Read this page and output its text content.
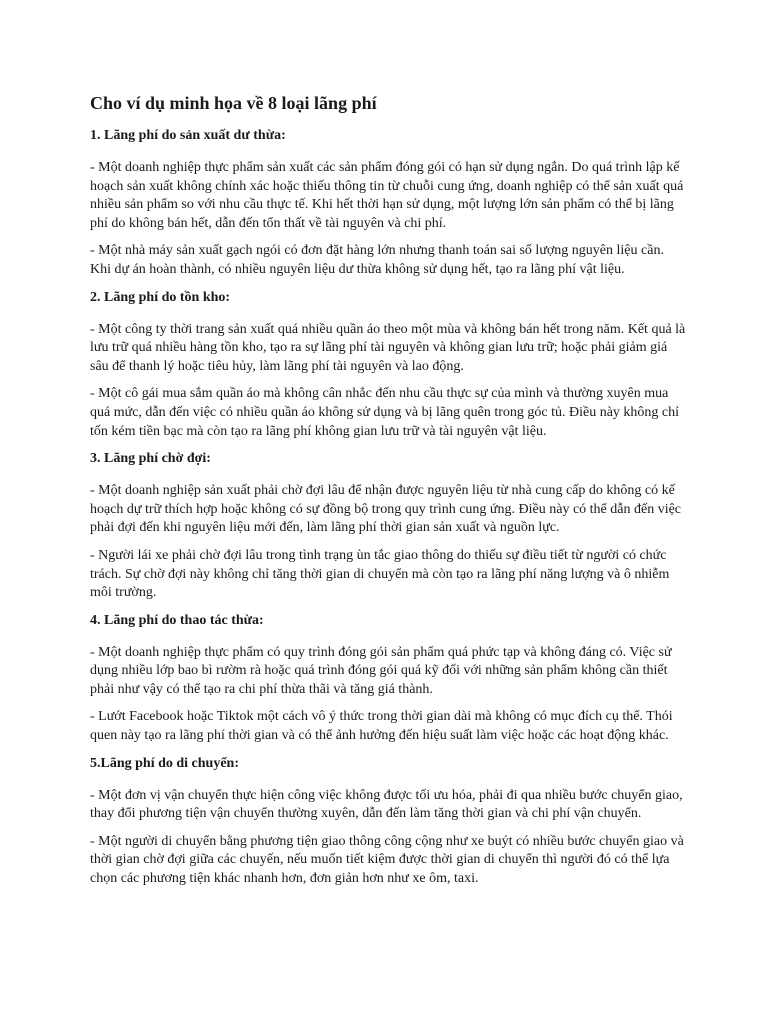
Cho ví dụ minh họa về 8 loại lãng phí
1. Lãng phí do sản xuất dư thừa:

- Một doanh nghiệp thực phẩm sản xuất các sản phẩm đóng gói có hạn sử dụng ngắn. Do quá trình lập kế hoạch sản xuất không chính xác hoặc thiếu thông tin từ chuỗi cung ứng, doanh nghiệp có thể sản xuất quá nhiều sản phẩm so với nhu cầu thực tế. Khi hết thời hạn sử dụng, một lượng lớn sản phẩm có thể bị lãng phí do không bán hết, dẫn đến tổn thất về tài nguyên và chi phí.

- Một nhà máy sản xuất gạch ngói có đơn đặt hàng lớn nhưng thanh toán sai số lượng nguyên liệu cần. Khi dự án hoàn thành, có nhiều nguyên liệu dư thừa không sử dụng hết, tạo ra lãng phí vật liệu.

2. Lãng phí do tồn kho:

- Một công ty thời trang sản xuất quá nhiều quần áo theo một mùa và không bán hết trong năm. Kết quả là lưu trữ quá nhiều hàng tồn kho, tạo ra sự lãng phí tài nguyên và không gian lưu trữ; hoặc phải giảm giá sâu để thanh lý hoặc tiêu hủy, làm lãng phí tài nguyên và lao động.

- Một cô gái mua sắm quần áo mà không cân nhắc đến nhu cầu thực sự của mình và thường xuyên mua quá mức, dẫn đến việc có nhiều quần áo không sử dụng và bị lãng quên trong góc tủ. Điều này không chỉ tốn kém tiền bạc mà còn tạo ra lãng phí không gian lưu trữ và tài nguyên vật liệu.

3. Lãng phí chờ đợi:

- Một doanh nghiệp sản xuất phải chờ đợi lâu để nhận được nguyên liệu từ nhà cung cấp do không có kế hoạch dự trữ thích hợp hoặc không có sự đồng bộ trong quy trình cung ứng. Điều này có thể dẫn đến việc phải đợi đến khi nguyên liệu mới đến, làm lãng phí thời gian sản xuất và nguồn lực.

- Người lái xe phải chờ đợi lâu trong tình trạng ùn tắc giao thông do thiếu sự điều tiết từ người có chức trách. Sự chờ đợi này không chỉ tăng thời gian di chuyển mà còn tạo ra lãng phí năng lượng và ô nhiễm môi trường.

4. Lãng phí do thao tác thừa:

- Một doanh nghiệp thực phẩm có quy trình đóng gói sản phẩm quá phức tạp và không đáng có. Việc sử dụng nhiều lớp bao bì rườm rà hoặc quá trình đóng gói quá kỹ đối với những sản phẩm không cần thiết phải như vậy có thể tạo ra chi phí thừa thãi và tăng giá thành.

- Lướt Facebook hoặc Tiktok một cách vô ý thức trong thời gian dài mà không có mục đích cụ thể. Thói quen này tạo ra lãng phí thời gian và có thể ảnh hưởng đến hiệu suất làm việc hoặc các hoạt động khác.

5.Lãng phí do di chuyển:

- Một đơn vị vận chuyển thực hiện công việc không được tối ưu hóa, phải đi qua nhiều bước chuyển giao, thay đổi phương tiện vận chuyển thường xuyên, dẫn đến làm tăng thời gian và chi phí vận chuyển.

- Một người di chuyển bằng phương tiện giao thông công cộng như xe buýt có nhiều bước chuyển giao và thời gian chờ đợi giữa các chuyến, nếu muốn tiết kiệm được thời gian di chuyển thì người đó có thể lựa chọn các phương tiện khác nhanh hơn, đơn giản hơn như xe ôm, taxi.
